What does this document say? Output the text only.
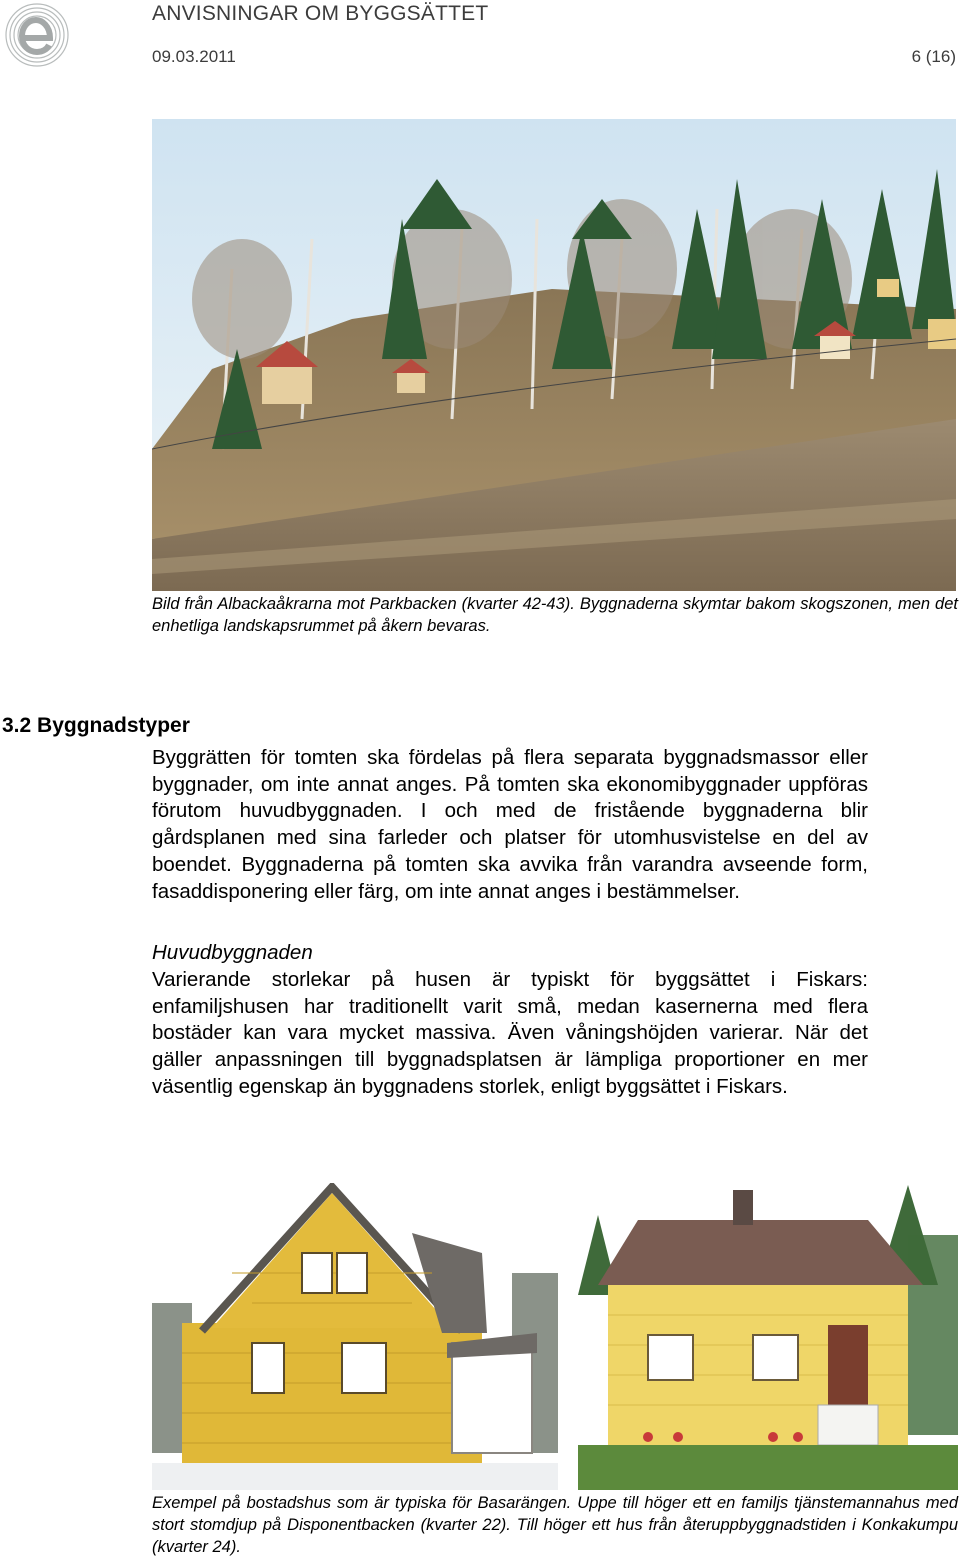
ANVISNINGAR OM BYGGSÄTTET
09.03.2011	6 (16)
Bild från Albackaåkrarna mot Parkbacken (kvarter 42-43). Byggnaderna skymtar bakom skogszonen, men det enhetliga landskapsrummet på åkern bevaras.
3.2 Byggnadstyper

Byggrätten för tomten ska fördelas på flera separata byggnadsmassor eller byggnader, om inte annat anges. På tomten ska ekonomibyggnader uppföras förutom huvudbyggnaden. I och med de fristående byggnaderna blir gårdsplanen med sina farleder och platser för utomhusvistelse en del av boendet. Byggnaderna på tomten ska avvika från varandra avseende form, fasaddisponering eller färg, om inte annat anges i bestämmelser.

Huvudbyggnaden

Varierande storlekar på husen är typiskt för byggsättet i Fiskars: enfamiljshusen har traditionellt varit små, medan kasernerna med flera bostäder kan vara mycket massiva. Även våningshöjden varierar. När det gäller anpassningen till byggnadsplatsen är lämpliga proportioner en mer väsentlig egenskap än byggnadens storlek, enligt byggsättet i Fiskars.

Exempel på bostadshus som är typiska för Basarängen. Uppe till höger ett en familjs tjänstemannahus med stort stomdjup på Disponentbacken (kvarter 22). Till höger ett hus från återuppbyggnadstiden i Konkakumpu (kvarter 24).
